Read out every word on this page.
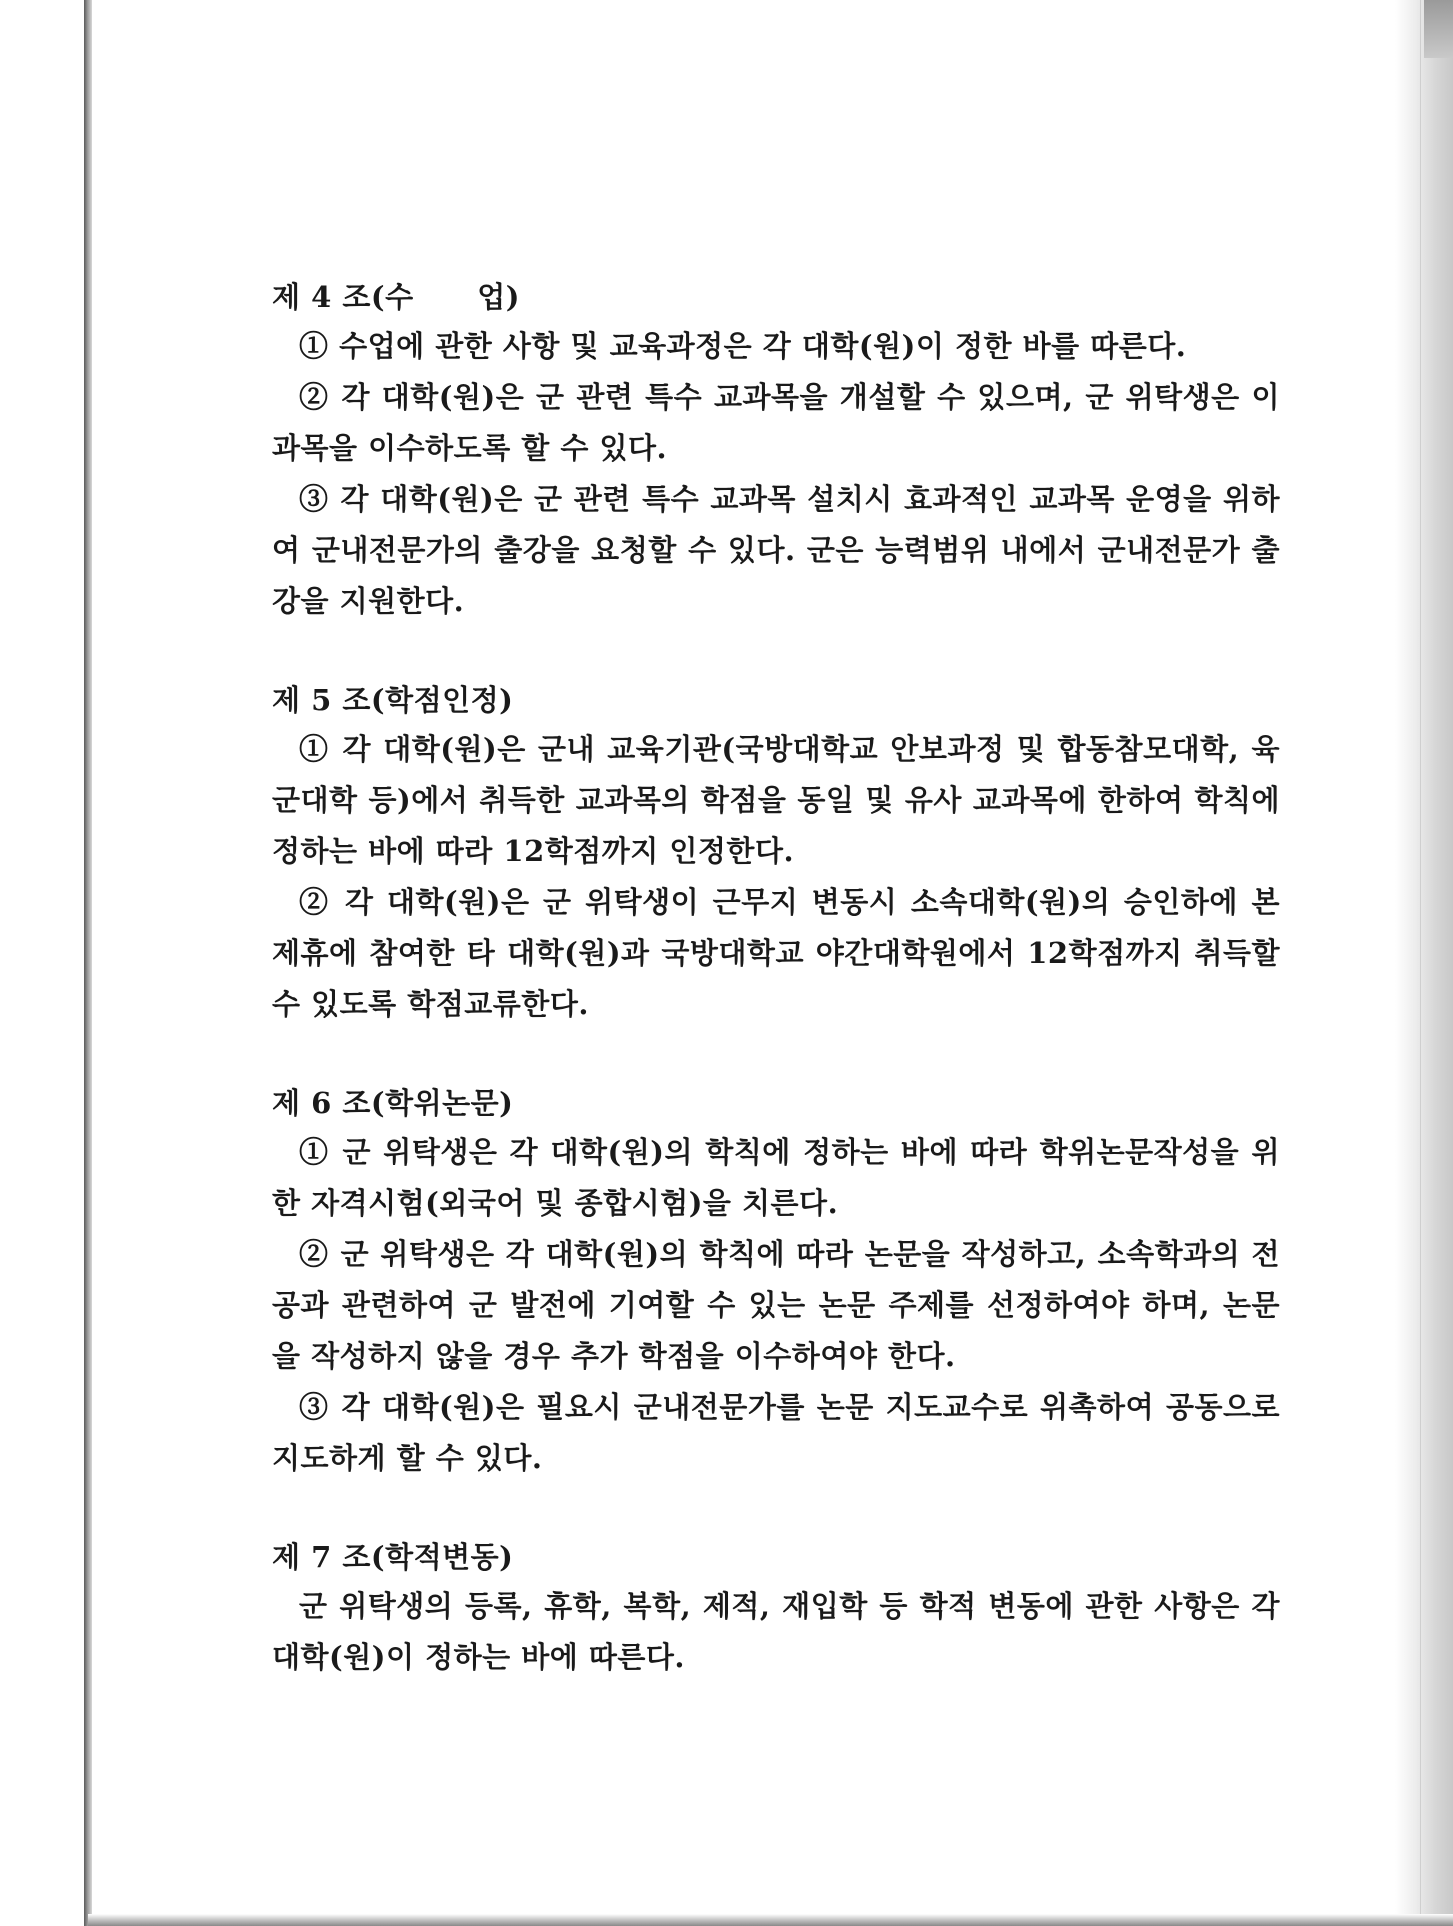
제 4 조(수      업)

① 수업에 관한 사항 및 교육과정은 각 대학(원)이 정한 바를 따른다.

② 각 대학(원)은 군 관련 특수 교과목을 개설할 수 있으며, 군 위탁생은 이 과목을 이수하도록 할 수 있다.

③ 각 대학(원)은 군 관련 특수 교과목 설치시 효과적인 교과목 운영을 위하여 군내전문가의 출강을 요청할 수 있다. 군은 능력범위 내에서 군내전문가 출강을 지원한다.

제 5 조(학점인정)

① 각 대학(원)은 군내 교육기관(국방대학교 안보과정 및 합동참모대학, 육군대학 등)에서 취득한 교과목의 학점을 동일 및 유사 교과목에 한하여 학칙에 정하는 바에 따라 12학점까지 인정한다.

② 각 대학(원)은 군 위탁생이 근무지 변동시 소속대학(원)의 승인하에 본 제휴에 참여한 타 대학(원)과 국방대학교 야간대학원에서 12학점까지 취득할 수 있도록 학점교류한다.

제 6 조(학위논문)

① 군 위탁생은 각 대학(원)의 학칙에 정하는 바에 따라 학위논문작성을 위한 자격시험(외국어 및 종합시험)을 치른다.

② 군 위탁생은 각 대학(원)의 학칙에 따라 논문을 작성하고, 소속학과의 전공과 관련하여 군 발전에 기여할 수 있는 논문 주제를 선정하여야 하며, 논문을 작성하지 않을 경우 추가 학점을 이수하여야 한다.

③ 각 대학(원)은 필요시 군내전문가를 논문 지도교수로 위촉하여 공동으로 지도하게 할 수 있다.

제 7 조(학적변동)

군 위탁생의 등록, 휴학, 복학, 제적, 재입학 등 학적 변동에 관한 사항은 각 대학(원)이 정하는 바에 따른다.
